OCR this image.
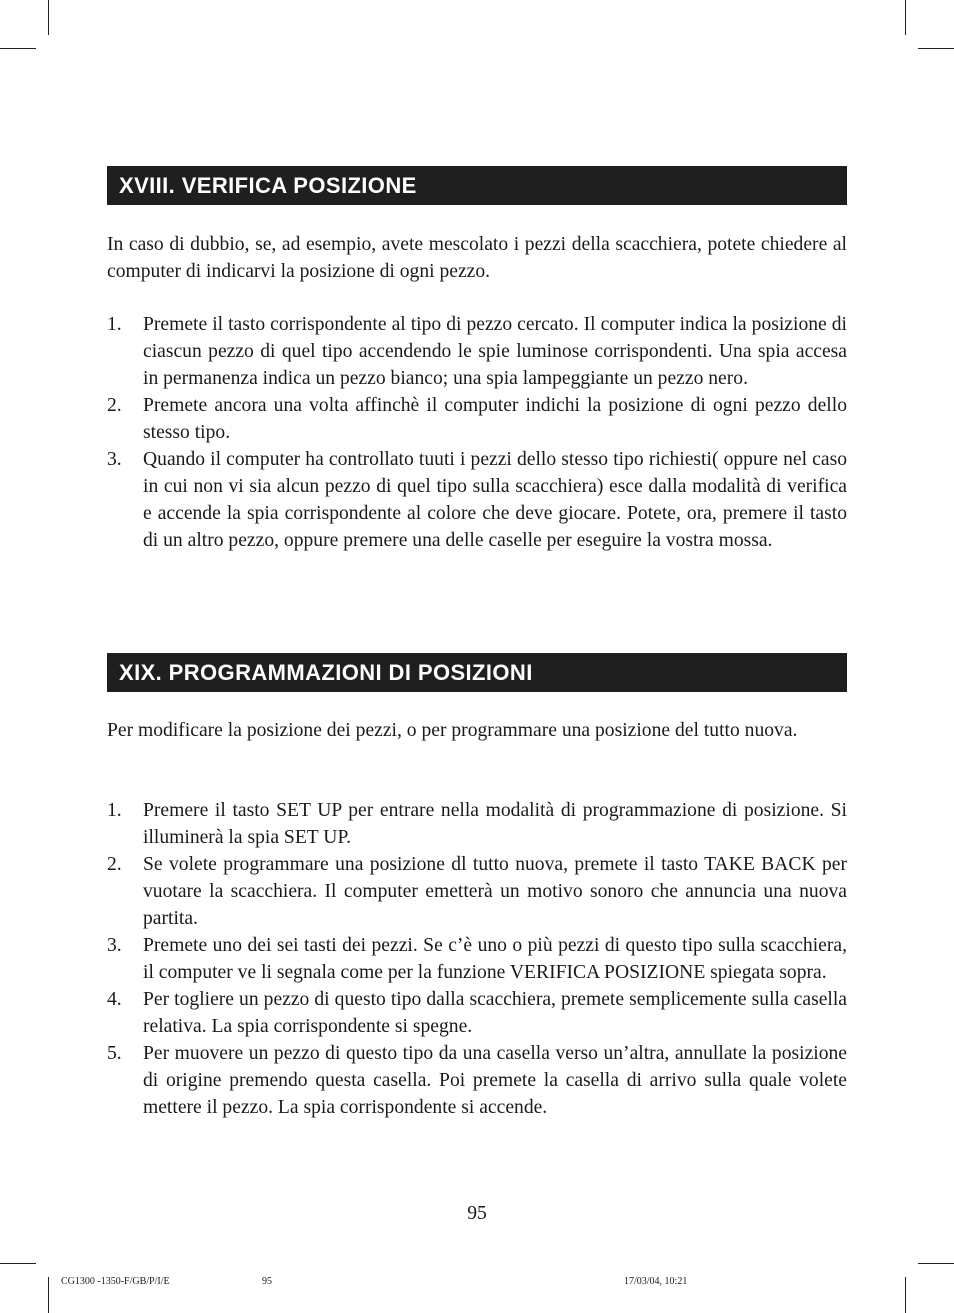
XVIII. VERIFICA POSIZIONE

In caso di dubbio, se, ad esempio, avete mescolato i pezzi della scacchiera, potete chiedere al computer di indicarvi la posizione di ogni pezzo.

1. Premete il tasto corrispondente al tipo di pezzo cercato. Il computer indica la posizione di ciascun pezzo di quel tipo accendendo le spie luminose corrispondenti. Una spia accesa in permanenza indica un pezzo bianco; una spia lampeggiante un pezzo nero.
2. Premete ancora una volta affinchè il computer indichi la posizione di ogni pezzo dello stesso tipo.
3. Quando il computer ha controllato tuuti i pezzi dello stesso tipo richiesti( oppure nel caso in cui non vi sia alcun pezzo di quel tipo sulla scacchiera) esce dalla modalità di verifica e accende la spia corrispondente al colore che deve giocare. Potete, ora, premere il tasto di un altro pezzo, oppure premere una delle caselle per eseguire la vostra mossa.
XIX. PROGRAMMAZIONI DI POSIZIONI

Per modificare la posizione dei pezzi, o per programmare una posizione del tutto nuova.

1. Premere il tasto SET UP per entrare nella modalità di programmazione di posizione. Si illuminerà la spia SET UP.
2. Se volete programmare una posizione dl tutto nuova, premete il tasto TAKE BACK per vuotare la scacchiera. Il computer emetterà un motivo sonoro che annuncia una nuova partita.
3. Premete uno dei sei tasti dei pezzi. Se c’è uno o più pezzi di questo tipo sulla scacchiera, il computer ve li segnala come per la funzione VERIFICA POSIZIONE spiegata sopra.
4. Per togliere un pezzo di questo tipo dalla scacchiera, premete semplicemente sulla casella relativa. La spia corrispondente si spegne.
5. Per muovere un pezzo di questo tipo da una casella verso un’altra, annullate la posizione di origine premendo questa casella. Poi premete la casella di arrivo sulla quale volete mettere il pezzo. La spia corrispondente si accende.
95
CG1300 -1350-F/GB/P/I/E	95	17/03/04, 10:21
